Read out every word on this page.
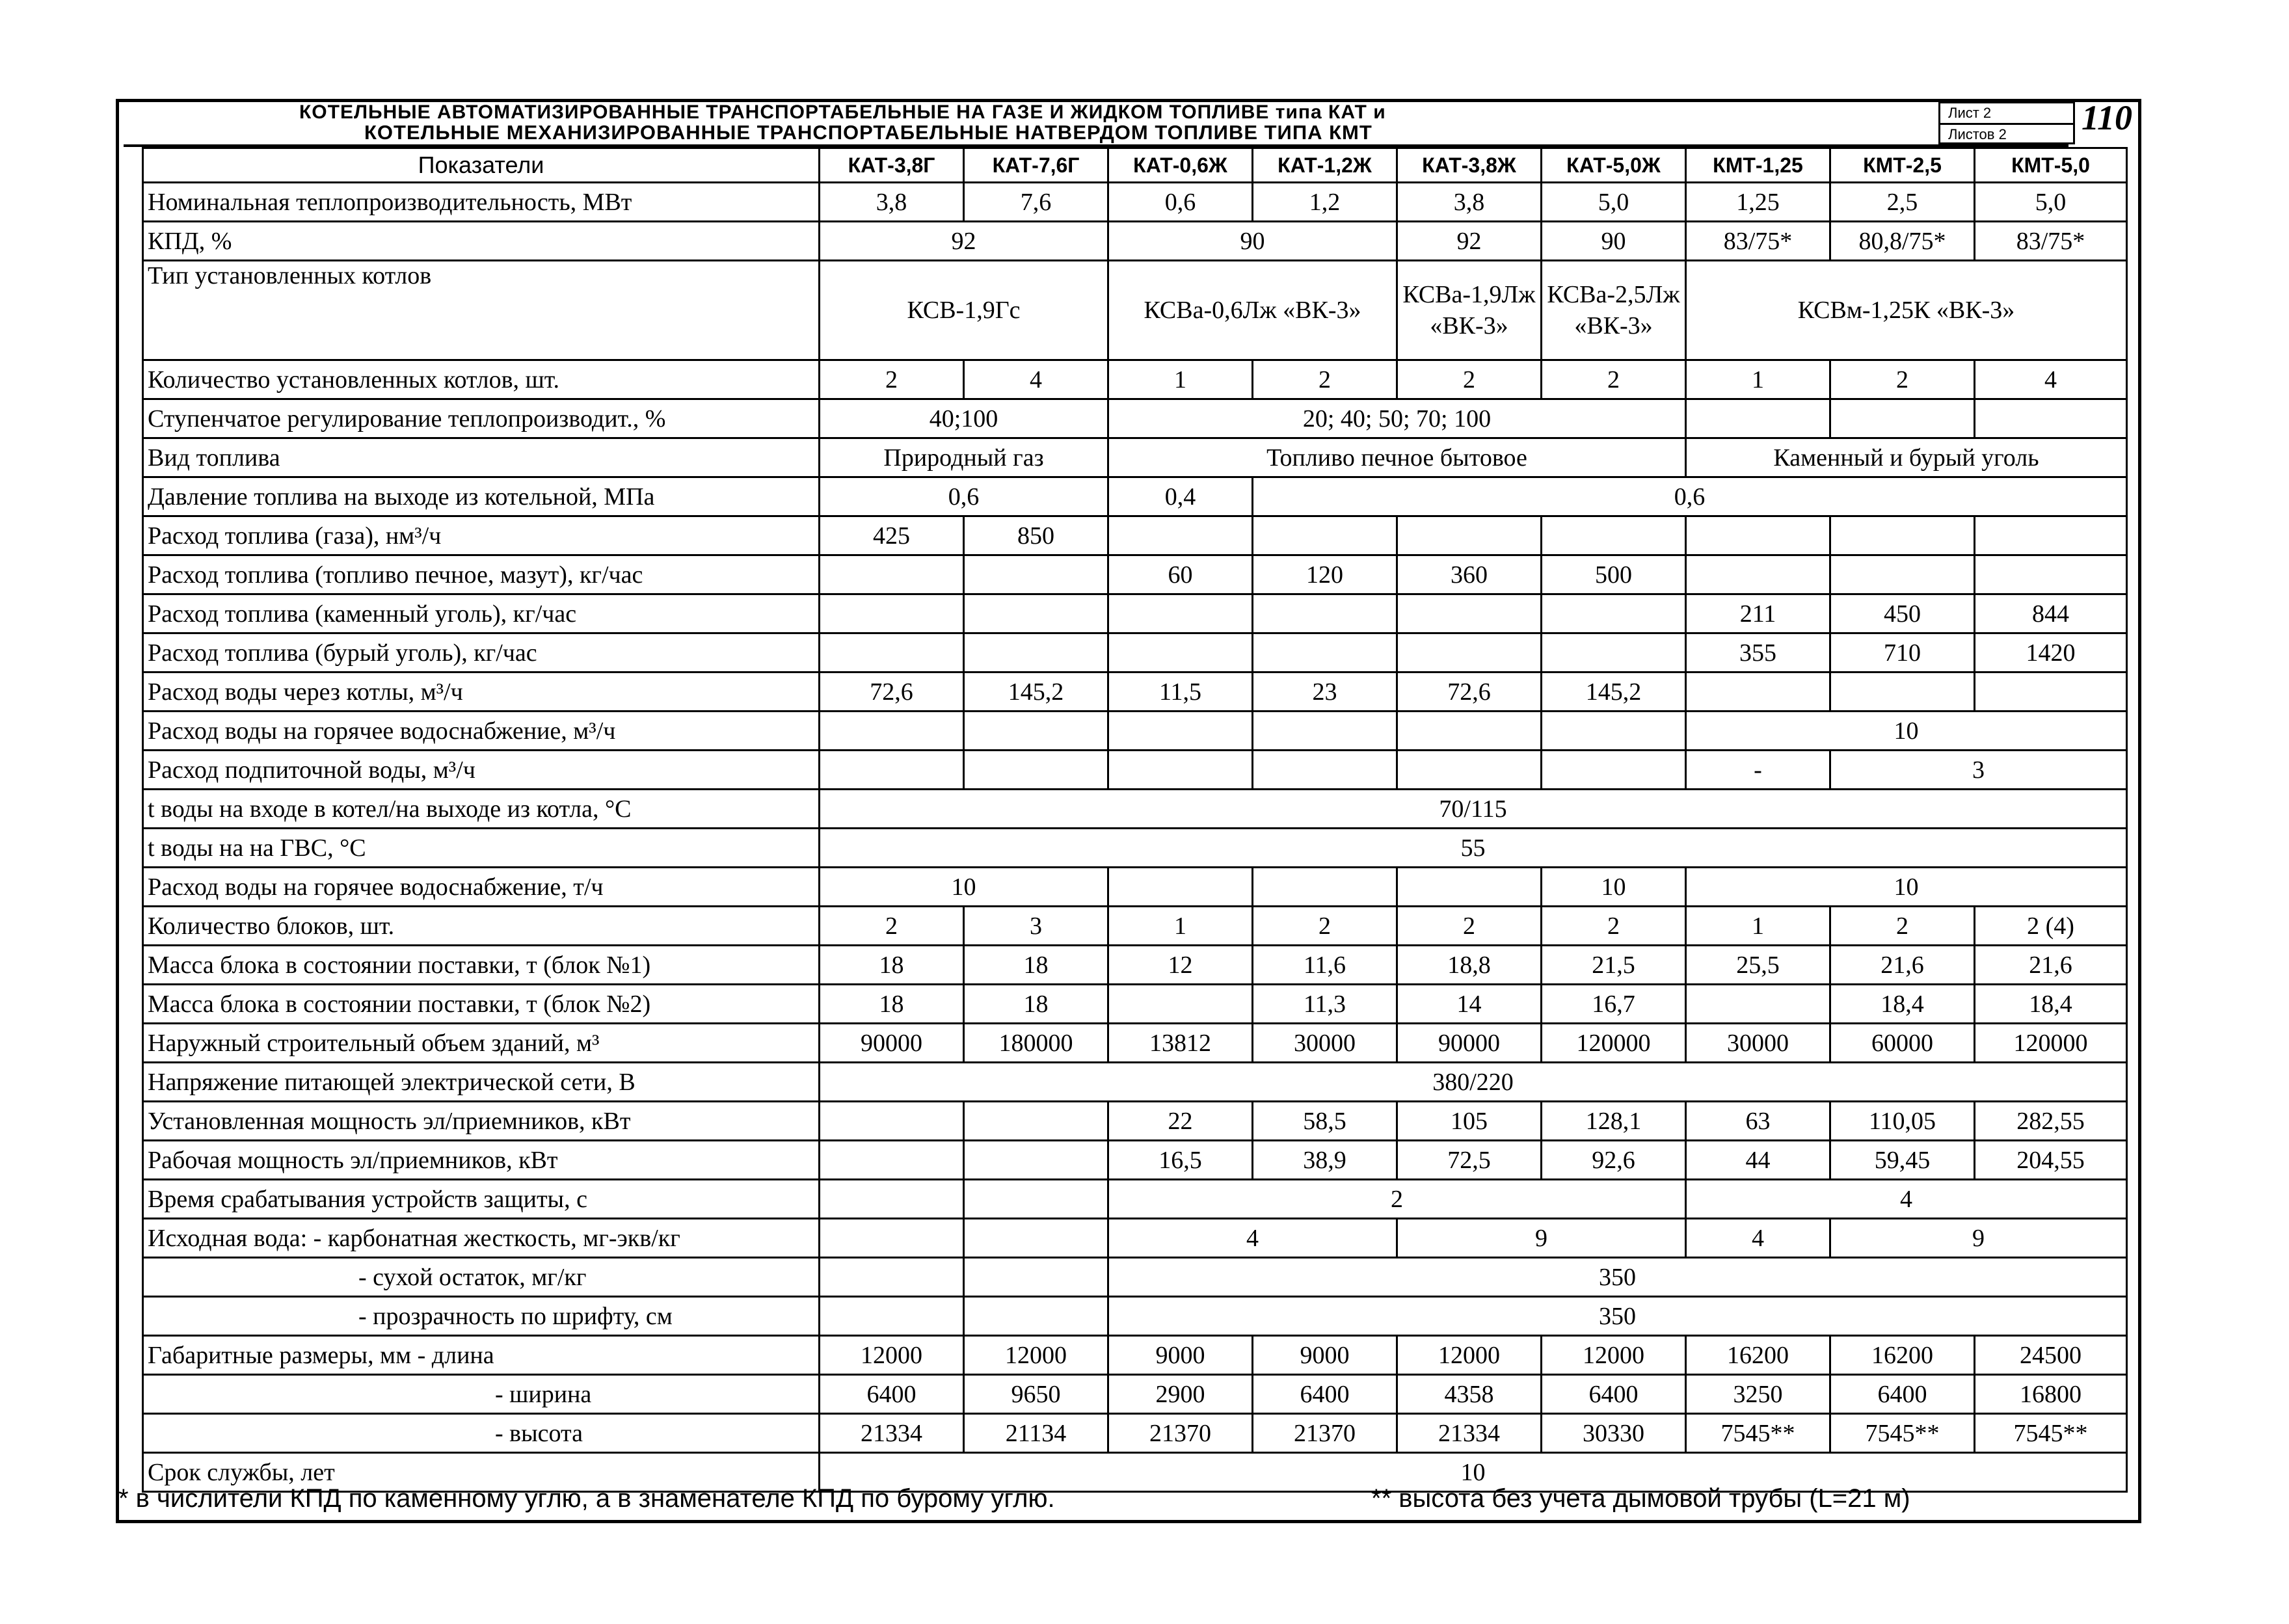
КОТЕЛЬНЫЕ АВТОМАТИЗИРОВАННЫЕ ТРАНСПОРТАБЕЛЬНЫЕ НА ГАЗЕ И ЖИДКОМ ТОПЛИВЕ типа КАТ и
КОТЕЛЬНЫЕ МЕХАНИЗИРОВАННЫЕ ТРАНСПОРТАБЕЛЬНЫЕ НАТВЕРДОМ ТОПЛИВЕ ТИПА КМТ
Лист 2
Листов 2	110
Показатели	КАТ-3,8Г	КАТ-7,6Г	КАТ-0,6Ж	КАТ-1,2Ж	КАТ-3,8Ж	КАТ-5,0Ж	КМТ-1,25	КМТ-2,5	КМТ-5,0
Номинальная теплопроизводительность, МВт	3,8	7,6	0,6	1,2	3,8	5,0	1,25	2,5	5,0
КПД, %	92		90		92	90	83/75*	80,8/75*	83/75*
Тип установленных котлов	КСВ-1,9Гс		КСВа-0,6Лж «ВК-3»		КСВа-1,9Лж «ВК-3»	КСВа-2,5Лж «ВК-3»	КСВм-1,25К «ВК-3»		
Количество установленных котлов, шт.	2	4	1	2	2	2	1	2	4
Ступенчатое регулирование теплопроизводит., %	40;100		20; 40; 50; 70; 100						
Вид топлива	Природный газ		Топливо печное бытовое				Каменный и бурый уголь		
Давление топлива на выходе из котельной, МПа	0,6		0,4	0,6					
Расход топлива (газа), нм³/ч	425	850							
Расход топлива (топливо печное, мазут), кг/час			60	120	360	500			
Расход топлива (каменный уголь), кг/час							211	450	844
Расход топлива (бурый уголь), кг/час							355	710	1420
Расход воды через котлы, м³/ч	72,6	145,2	11,5	23	72,6	145,2			
Расход воды на горячее водоснабжение, м³/ч							10		
Расход подпиточной воды, м³/ч							-	3	
t воды на входе в котел/на выходе из котла, °С	70/115								
t воды на на ГВС, °С	55								
Расход воды на горячее водоснабжение, т/ч	10					10	10		
Количество блоков, шт.	2	3	1	2	2	2	1	2	2 (4)
Масса блока в состоянии поставки, т (блок №1)	18	18	12	11,6	18,8	21,5	25,5	21,6	21,6
Масса блока в состоянии поставки, т (блок №2)	18	18		11,3	14	16,7		18,4	18,4
Наружный строительный объем зданий, м³	90000	180000	13812	30000	90000	120000	30000	60000	120000
Напряжение питающей электрической сети, В	380/220								
Установленная мощность эл/приемников, кВт			22	58,5	105	128,1	63	110,05	282,55
Рабочая мощность эл/приемников, кВт			16,5	38,9	72,5	92,6	44	59,45	204,55
Время срабатывания устройств защиты, с			2				4		
Исходная вода: - карбонатная жесткость, мг-экв/кг			4		9		4	9	
- сухой остаток, мг/кг			350						
- прозрачность по шрифту, см			350						
Габаритные размеры, мм - длина	12000	12000	9000	9000	12000	12000	16200	16200	24500
- ширина	6400	9650	2900	6400	4358	6400	3250	6400	16800
- высота	21334	21134	21370	21370	21334	30330	7545**	7545**	7545**
Срок службы, лет	10								
* в числители КПД по каменному углю, а в знаменателе КПД по бурому углю.	** высота без учета дымовой трубы (L=21 м)
